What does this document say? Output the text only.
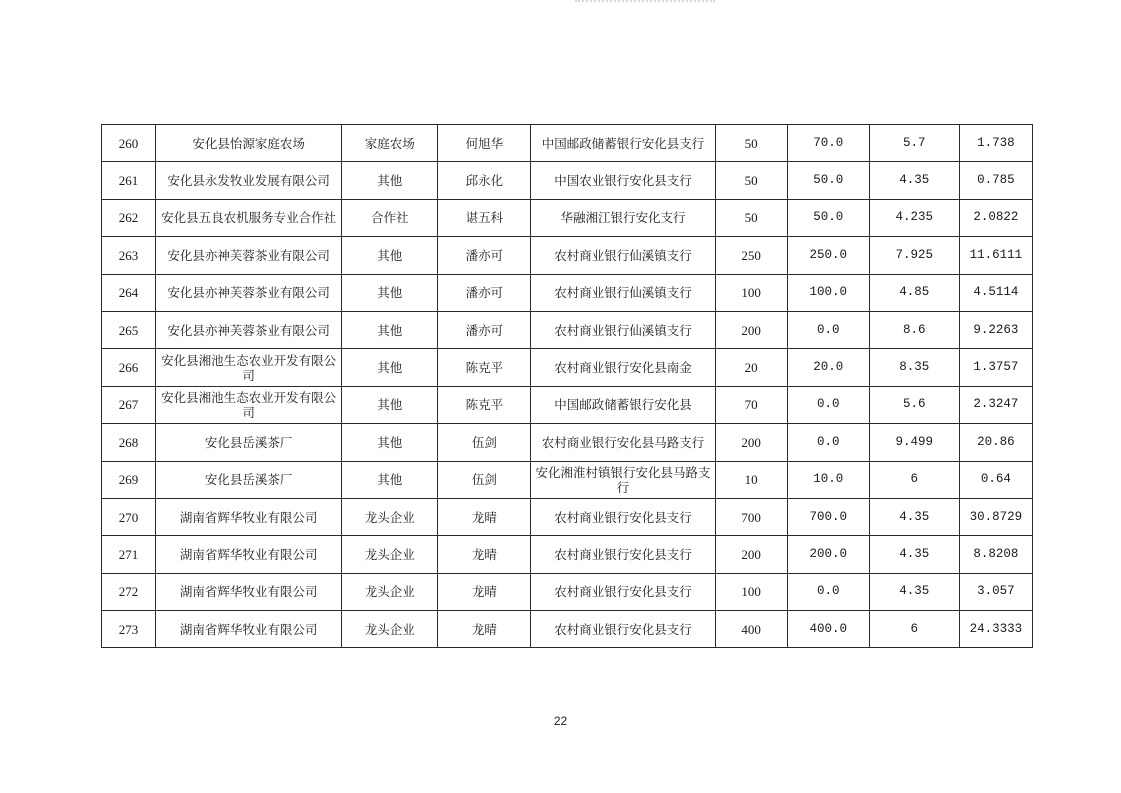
260	安化县怡源家庭农场	家庭农场	何旭华	中国邮政储蓄银行安化县支行	50	70.0	5.7	1.738
261	安化县永发牧业发展有限公司	其他	邱永化	中国农业银行安化县支行	50	50.0	4.35	0.785
262	安化县五良农机服务专业合作社	合作社	谌五科	华融湘江银行安化支行	50	50.0	4.235	2.0822
263	安化县亦神芙蓉茶业有限公司	其他	潘亦可	农村商业银行仙溪镇支行	250	250.0	7.925	11.6111
264	安化县亦神芙蓉茶业有限公司	其他	潘亦可	农村商业银行仙溪镇支行	100	100.0	4.85	4.5114
265	安化县亦神芙蓉茶业有限公司	其他	潘亦可	农村商业银行仙溪镇支行	200	0.0	8.6	9.2263
266	安化县湘池生态农业开发有限公司	其他	陈克平	农村商业银行安化县南金	20	20.0	8.35	1.3757
267	安化县湘池生态农业开发有限公司	其他	陈克平	中国邮政储蓄银行安化县	70	0.0	5.6	2.3247
268	安化县岳溪茶厂	其他	伍剑	农村商业银行安化县马路支行	200	0.0	9.499	20.86
269	安化县岳溪茶厂	其他	伍剑	安化湘淮村镇银行安化县马路支行	10	10.0	6	0.64
270	湖南省辉华牧业有限公司	龙头企业	龙晴	农村商业银行安化县支行	700	700.0	4.35	30.8729
271	湖南省辉华牧业有限公司	龙头企业	龙晴	农村商业银行安化县支行	200	200.0	4.35	8.8208
272	湖南省辉华牧业有限公司	龙头企业	龙晴	农村商业银行安化县支行	100	0.0	4.35	3.057
273	湖南省辉华牧业有限公司	龙头企业	龙晴	农村商业银行安化县支行	400	400.0	6	24.3333
22
